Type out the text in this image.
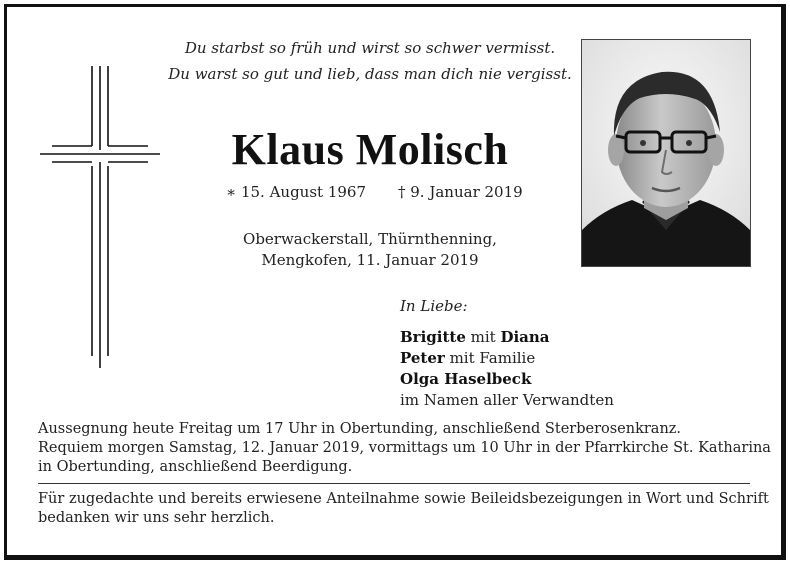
Du starbst so früh und wirst so schwer vermisst.
Du warst so gut und lieb, dass man dich nie vergisst.
Klaus Molisch
∗ 15. August 1967 † 9. Januar 2019
Oberwackerstall, Thürnthenning,
Mengkofen, 11. Januar 2019
In Liebe:
Brigitte mit Diana
Peter mit Familie
Olga Haselbeck
im Namen aller Verwandten
Aussegnung heute Freitag um 17 Uhr in Obertunding, anschließend Sterberosenkranz.
Requiem morgen Samstag, 12. Januar 2019, vormittags um 10 Uhr in der Pfarrkirche St. Katharina
in Obertunding, anschließend Beerdigung.
Für zugedachte und bereits erwiesene Anteilnahme sowie Beileidsbezeigungen in Wort und Schrift
bedanken wir uns sehr herzlich.
